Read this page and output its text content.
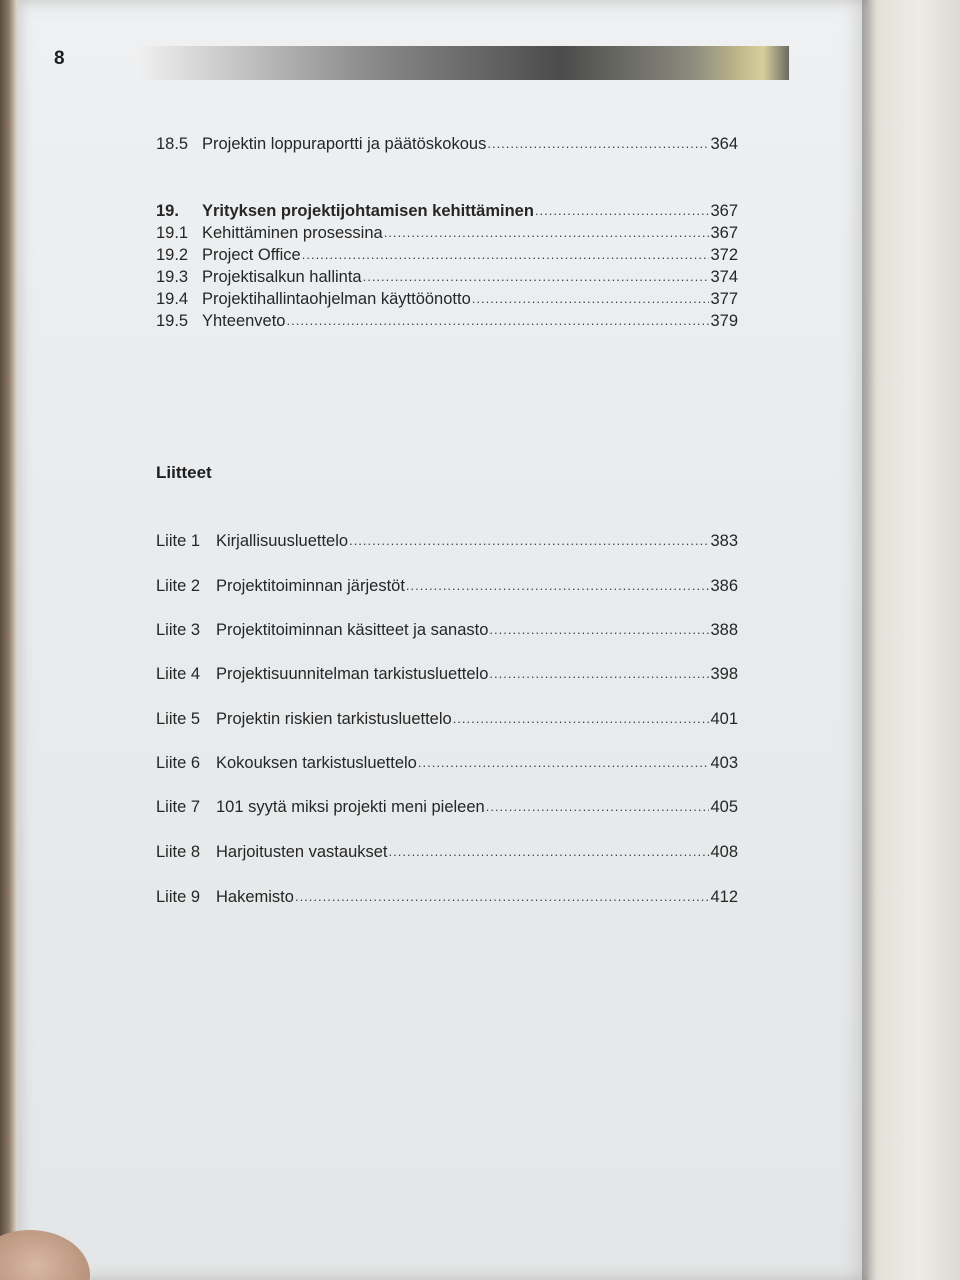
8
18.5 Projektin loppuraportti ja päätöskokous .....	364
19.	Yrityksen projektijohtamisen kehittäminen .....	367
19.1 Kehittäminen prosessina .....	367
19.2 Project Office .....	372
19.3 Projektisalkun hallinta .....	374
19.4 Projektihallintaohjelman käyttöönotto .....	377
19.5 Yhteenveto .....	379
Liitteet
Liite 1 Kirjallisuusluettelo .....	383
Liite 2 Projektitoiminnan järjestöt .....	386
Liite 3 Projektitoiminnan käsitteet ja sanasto .....	388
Liite 4 Projektisuunnitelman tarkistusluettelo .....	398
Liite 5 Projektin riskien tarkistusluettelo .....	401
Liite 6 Kokouksen tarkistusluettelo .....	403
Liite 7 101 syytä miksi projekti meni pieleen .....	405
Liite 8 Harjoitusten vastaukset .....	408
Liite 9 Hakemisto .....	412
